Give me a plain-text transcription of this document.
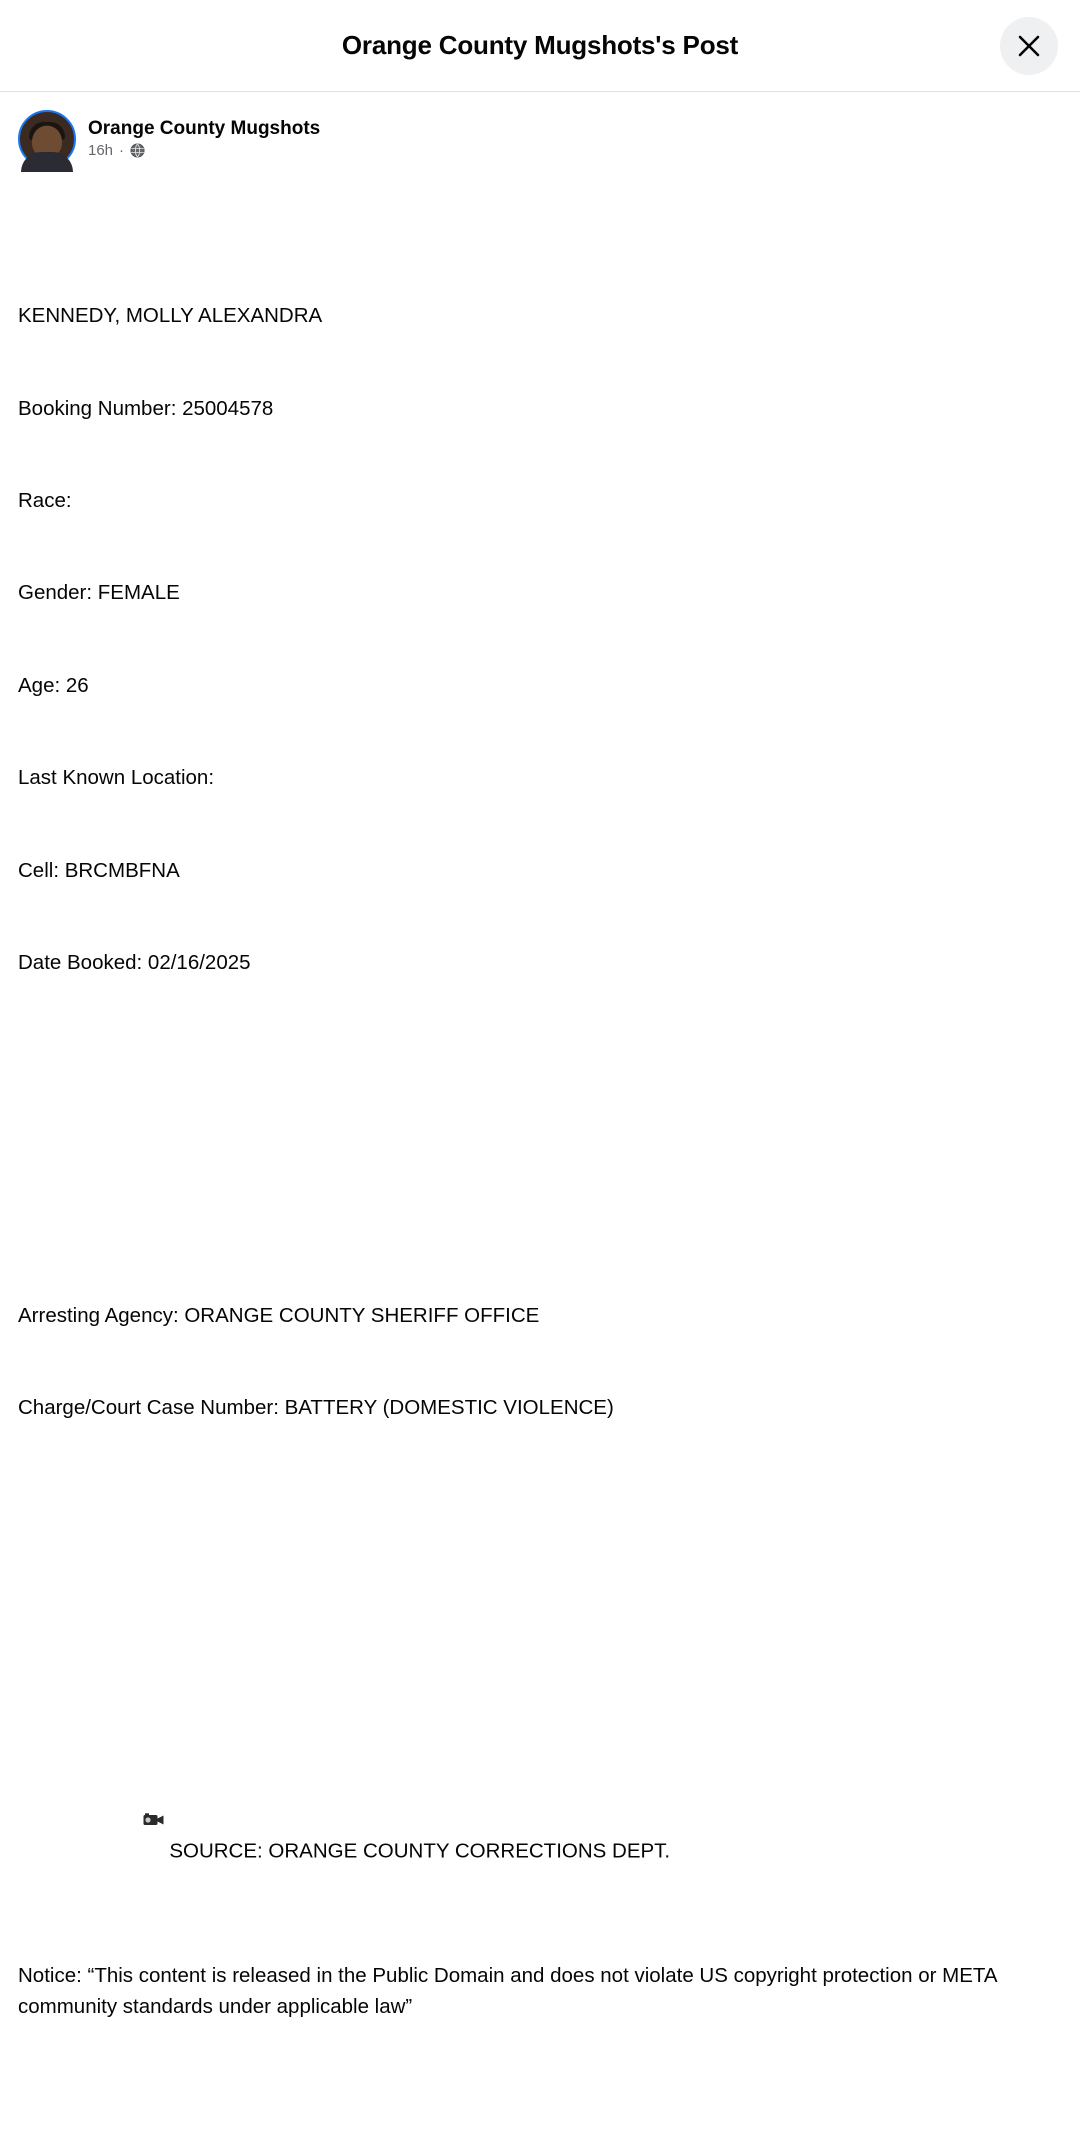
Orange County Mugshots's Post
Orange County Mugshots
16h ·

KENNEDY, MOLLY ALEXANDRA

Booking Number: 25004578

Race:

Gender: FEMALE

Age: 26

Last Known Location:

Cell: BRCMBFNA

Date Booked: 02/16/2025

Arresting Agency: ORANGE COUNTY SHERIFF OFFICE

Charge/Court Case Number: BATTERY (DOMESTIC VIOLENCE)

SOURCE: ORANGE COUNTY CORRECTIONS DEPT.

Notice: “This content is released in the Public Domain and does not violate US copyright protection or META community standards under applicable law”
